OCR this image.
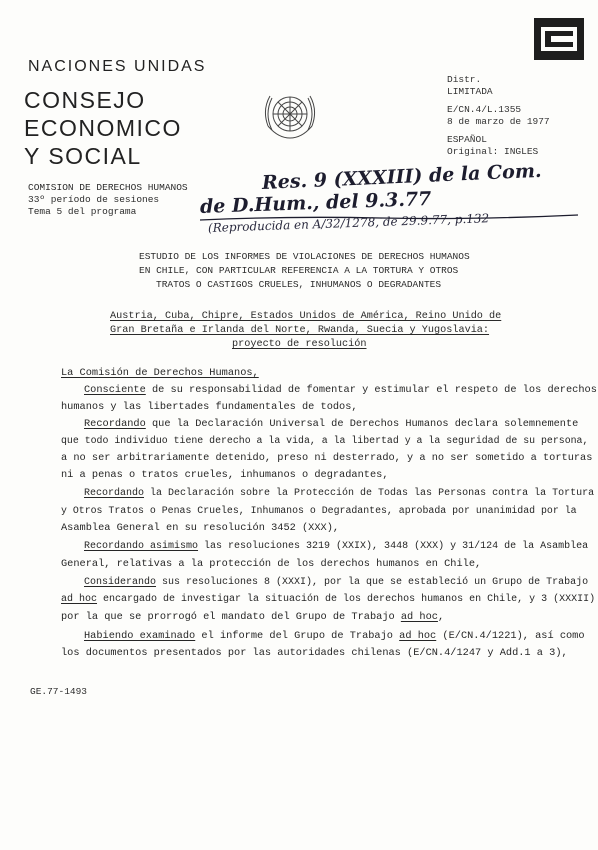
NACIONES UNIDAS
CONSEJO
ECONOMICO
Y SOCIAL
Distr.
LIMITADA
E/CN.4/L.1355
8 de marzo de 1977
ESPAÑOL
Original: INGLES
COMISION DE DERECHOS HUMANOS
33º período de sesiones
Tema 5 del programa
Res. 9 (XXXIII) de la Com.
de D.Hum., del 9.3.77
(Reproducida en A/32/1278, de 29.9.77, p.132
ESTUDIO DE LOS INFORMES DE VIOLACIONES DE DERECHOS HUMANOS
EN CHILE, CON PARTICULAR REFERENCIA A LA TORTURA Y OTROS
TRATOS O CASTIGOS CRUELES, INHUMANOS O DEGRADANTES
Austria, Cuba, Chipre, Estados Unidos de América, Reino Unido de
Gran Bretaña e Irlanda del Norte, Rwanda, Suecia y Yugoslavia:
proyecto de resolución
La Comisión de Derechos Humanos,
Consciente de su responsabilidad de fomentar y estimular el respeto de los derechos
humanos y las libertades fundamentales de todos,
Recordando que la Declaración Universal de Derechos Humanos declara solemnemente
que todo individuo tiene derecho a la vida, a la libertad y a la seguridad de su persona,
a no ser arbitrariamente detenido, preso ni desterrado, y a no ser sometido a torturas
ni a penas o tratos crueles, inhumanos o degradantes,
Recordando la Declaración sobre la Protección de Todas las Personas contra la Tortura
y Otros Tratos o Penas Crueles, Inhumanos o Degradantes, aprobada por unanimidad por la
Asamblea General en su resolución 3452 (XXX),
Recordando asimismo las resoluciones 3219 (XXIX), 3448 (XXX) y 31/124 de la Asamblea
General, relativas a la protección de los derechos humanos en Chile,
Considerando sus resoluciones 8 (XXXI), por la que se estableció un Grupo de Trabajo
ad hoc encargado de investigar la situación de los derechos humanos en Chile, y 3 (XXXII)
por la que se prorrogó el mandato del Grupo de Trabajo ad hoc,
Habiendo examinado el informe del Grupo de Trabajo ad hoc (E/CN.4/1221), así como
los documentos presentados por las autoridades chilenas (E/CN.4/1247 y Add.1 a 3),
GE.77-1493
